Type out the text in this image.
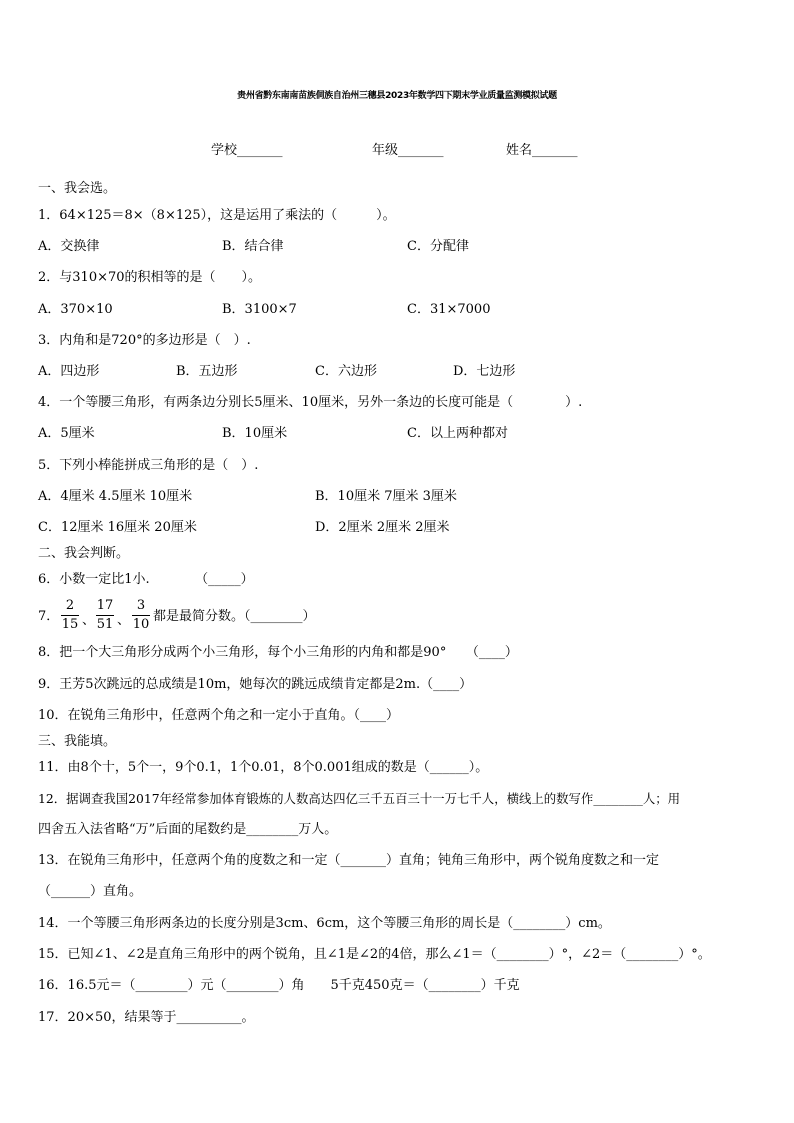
贵州省黔东南南苗族侗族自治州三穗县2023年数学四下期末学业质量监测模拟试题
学校_______	年级_______	姓名_______
一、我会选。
1．64×125＝8×（8×125），这是运用了乘法的（　　　）。
A．交换律	B．结合律	C．分配律
2．与310×70的积相等的是（　　）。
A．370×10	B．3100×7	C．31×7000
3．内角和是720°的多边形是（　）.
A．四边形	B．五边形	C．六边形	D．七边形
4．一个等腰三角形，有两条边分别长5厘米、10厘米，另外一条边的长度可能是（　　　　）.
A．5厘米	B．10厘米	C．以上两种都对
5．下列小棒能拼成三角形的是（　）.
A．4厘米 4.5厘米 10厘米	B．10厘米 7厘米 3厘米
C．12厘米 16厘米 20厘米	D．2厘米 2厘米 2厘米
二、我会判断。
6．小数一定比1小.　　　　（_____）
7．
2
15 、
17
51 、
3
10
都是最简分数。（________）
8．把一个大三角形分成两个小三角形，每个小三角形的内角和都是90°　　（____）
9．王芳5次跳远的总成绩是10m，她每次的跳远成绩肯定都是2m.（____）
10．在锐角三角形中，任意两个角之和一定小于直角。（____）
三、我能填。
11．由8个十，5个一，9个0.1，1个0.01，8个0.001组成的数是（______）。
12．据调查我国2017年经常参加体育锻炼的人数高达四亿三千五百三十一万七千人，横线上的数写作________人；用
四舍五入法省略“万”后面的尾数约是________万人。
13．在锐角三角形中，任意两个角的度数之和一定（_______）直角；钝角三角形中，两个锐角度数之和一定
（______）直角。
14．一个等腰三角形两条边的长度分别是3cm、6cm，这个等腰三角形的周长是（________）cm。
15．已知∠1、∠2是直角三角形中的两个锐角，且∠1是∠2的4倍，那么∠1＝（________）°，∠2＝（________）°。
16．16.5元＝（________）元（________）角　　5千克450克＝（________）千克
17．20×50，结果等于__________。
